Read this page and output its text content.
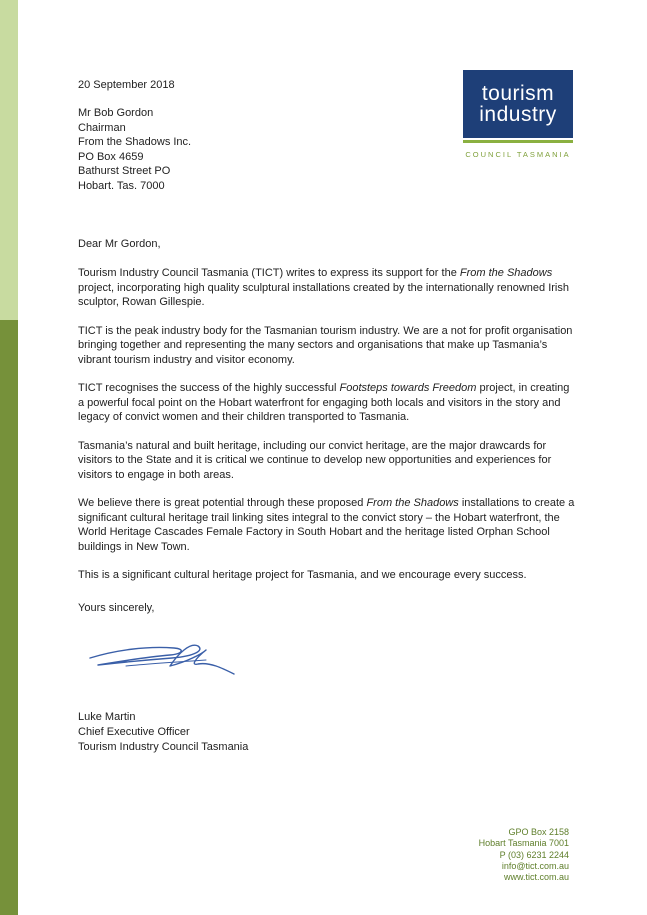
tourism
industry
COUNCIL TASMANIA
20 September 2018
Mr Bob Gordon
Chairman
From the Shadows Inc.
PO Box 4659
Bathurst Street PO
Hobart. Tas. 7000
Dear Mr Gordon,

Tourism Industry Council Tasmania (TICT) writes to express its support for the From the Shadows project, incorporating high quality sculptural installations created by the internationally renowned Irish sculptor, Rowan Gillespie.

TICT is the peak industry body for the Tasmanian tourism industry. We are a not for profit organisation bringing together and representing the many sectors and organisations that make up Tasmania’s vibrant tourism industry and visitor economy.

TICT recognises the success of the highly successful Footsteps towards Freedom project, in creating a powerful focal point on the Hobart waterfront for engaging both locals and visitors in the story and legacy of convict women and their children transported to Tasmania.

Tasmania’s natural and built heritage, including our convict heritage, are the major drawcards for visitors to the State and it is critical we continue to develop new opportunities and experiences for visitors to engage in both areas.

We believe there is great potential through these proposed From the Shadows installations to create a significant cultural heritage trail linking sites integral to the convict story – the Hobart waterfront, the World Heritage Cascades Female Factory in South Hobart and the heritage listed Orphan School buildings in New Town.

This is a significant cultural heritage project for Tasmania, and we encourage every success.

Yours sincerely,
Luke Martin
Chief Executive Officer
Tourism Industry Council Tasmania
GPO Box 2158
Hobart Tasmania 7001
P (03) 6231 2244
info@tict.com.au
www.tict.com.au
